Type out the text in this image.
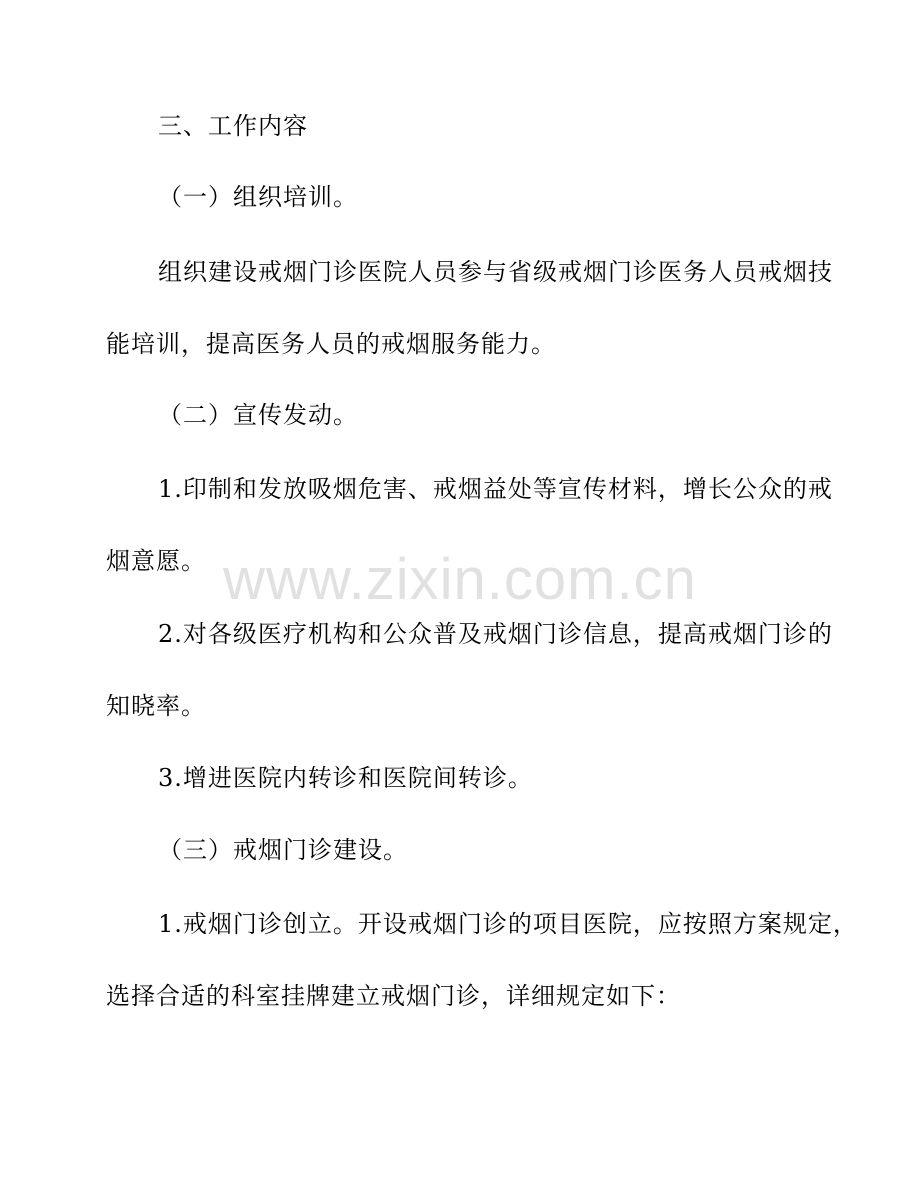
三、工作内容
（一）组织培训。
组织建设戒烟门诊医院人员参与省级戒烟门诊医务人员戒烟技
能培训，提高医务人员的戒烟服务能力。
（二）宣传发动。
1.印制和发放吸烟危害、戒烟益处等宣传材料，增长公众的戒
烟意愿。
2.对各级医疗机构和公众普及戒烟门诊信息，提高戒烟门诊的
知晓率。
3.增进医院内转诊和医院间转诊。
（三）戒烟门诊建设。
1.戒烟门诊创立。开设戒烟门诊的项目医院，应按照方案规定，
选择合适的科室挂牌建立戒烟门诊，详细规定如下：
www.zixin.com.cn
